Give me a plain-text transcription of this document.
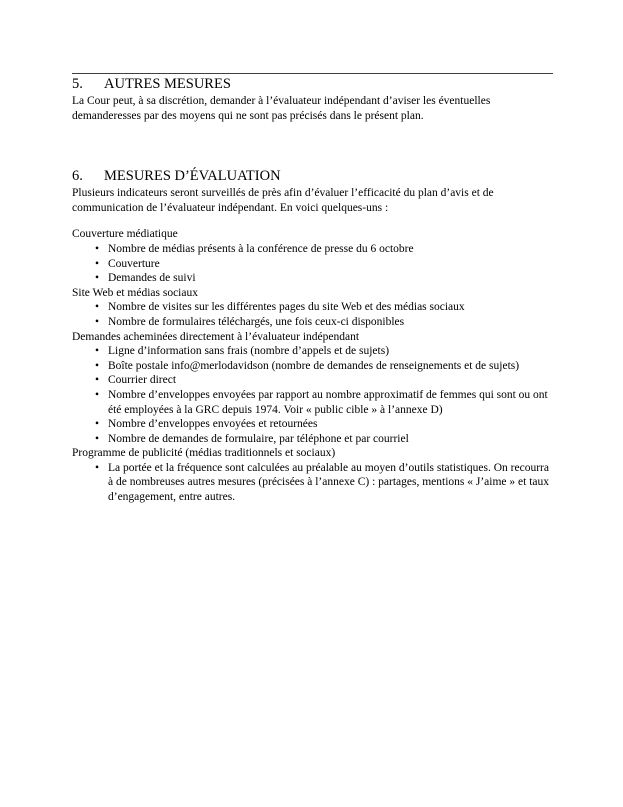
5. AUTRES MESURES

La Cour peut, à sa discrétion, demander à l’évaluateur indépendant d’aviser les éventuelles demanderesses par des moyens qui ne sont pas précisés dans le présent plan.

6. MESURES D’ÉVALUATION

Plusieurs indicateurs seront surveillés de près afin d’évaluer l’efficacité du plan d’avis et de communication de l’évaluateur indépendant. En voici quelques-uns :

Couverture médiatique
• Nombre de médias présents à la conférence de presse du 6 octobre
• Couverture
• Demandes de suivi
Site Web et médias sociaux
• Nombre de visites sur les différentes pages du site Web et des médias sociaux
• Nombre de formulaires téléchargés, une fois ceux-ci disponibles
Demandes acheminées directement à l’évaluateur indépendant
• Ligne d’information sans frais (nombre d’appels et de sujets)
• Boîte postale info@merlodavidson (nombre de demandes de renseignements et de sujets)
• Courrier direct
• Nombre d’enveloppes envoyées par rapport au nombre approximatif de femmes qui sont ou ont été employées à la GRC depuis 1974. Voir « public cible » à l’annexe D)
• Nombre d’enveloppes envoyées et retournées
• Nombre de demandes de formulaire, par téléphone et par courriel
Programme de publicité (médias traditionnels et sociaux)
• La portée et la fréquence sont calculées au préalable au moyen d’outils statistiques. On recourra à de nombreuses autres mesures (précisées à l’annexe C) : partages, mentions « J’aime » et taux d’engagement, entre autres.
